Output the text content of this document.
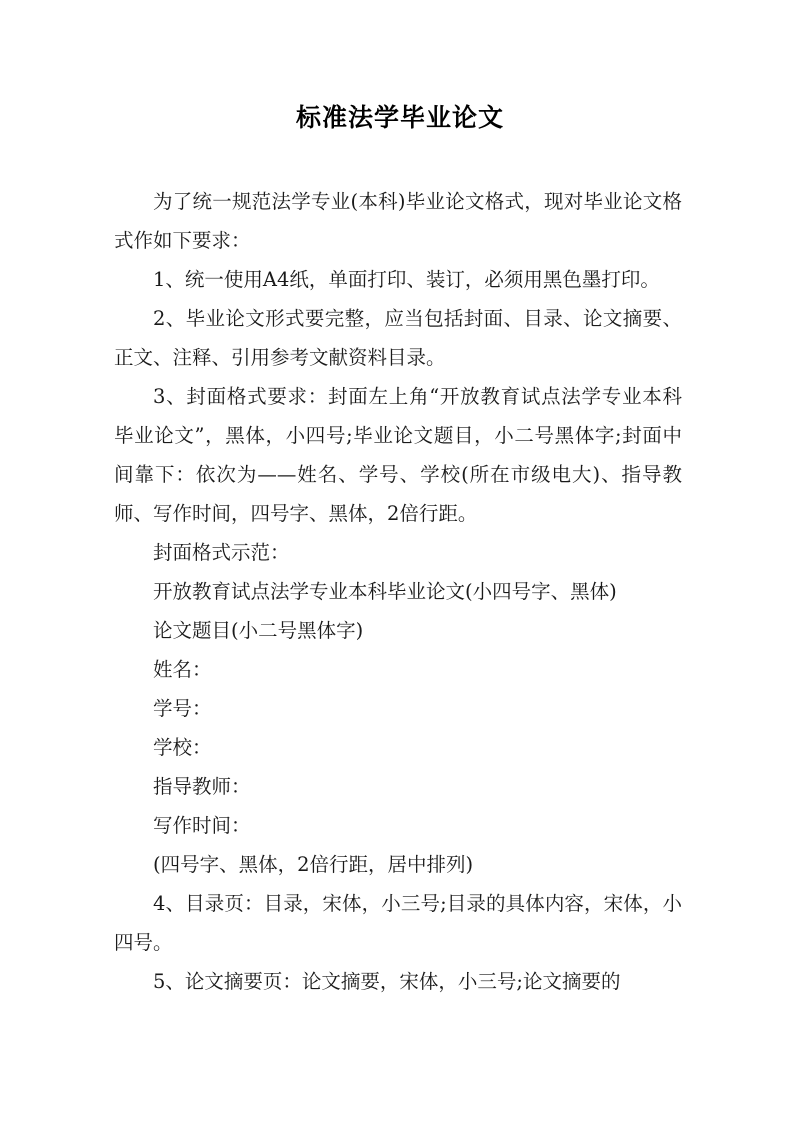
标准法学毕业论文

为了统一规范法学专业(本科)毕业论文格式，现对毕业论文格式作如下要求：

1、统一使用A4纸，单面打印、装订，必须用黑色墨打印。

2、毕业论文形式要完整，应当包括封面、目录、论文摘要、正文、注释、引用参考文献资料目录。

3、封面格式要求：封面左上角“开放教育试点法学专业本科毕业论文”，黑体，小四号;毕业论文题目，小二号黑体字;封面中间靠下：依次为——姓名、学号、学校(所在市级电大)、指导教师、写作时间，四号字、黑体，2倍行距。

封面格式示范：

开放教育试点法学专业本科毕业论文(小四号字、黑体)

论文题目(小二号黑体字)

姓名：

学号：

学校：

指导教师：

写作时间：

(四号字、黑体，2倍行距，居中排列)

4、目录页：目录，宋体，小三号;目录的具体内容，宋体，小四号。

5、论文摘要页：论文摘要，宋体，小三号;论文摘要的
